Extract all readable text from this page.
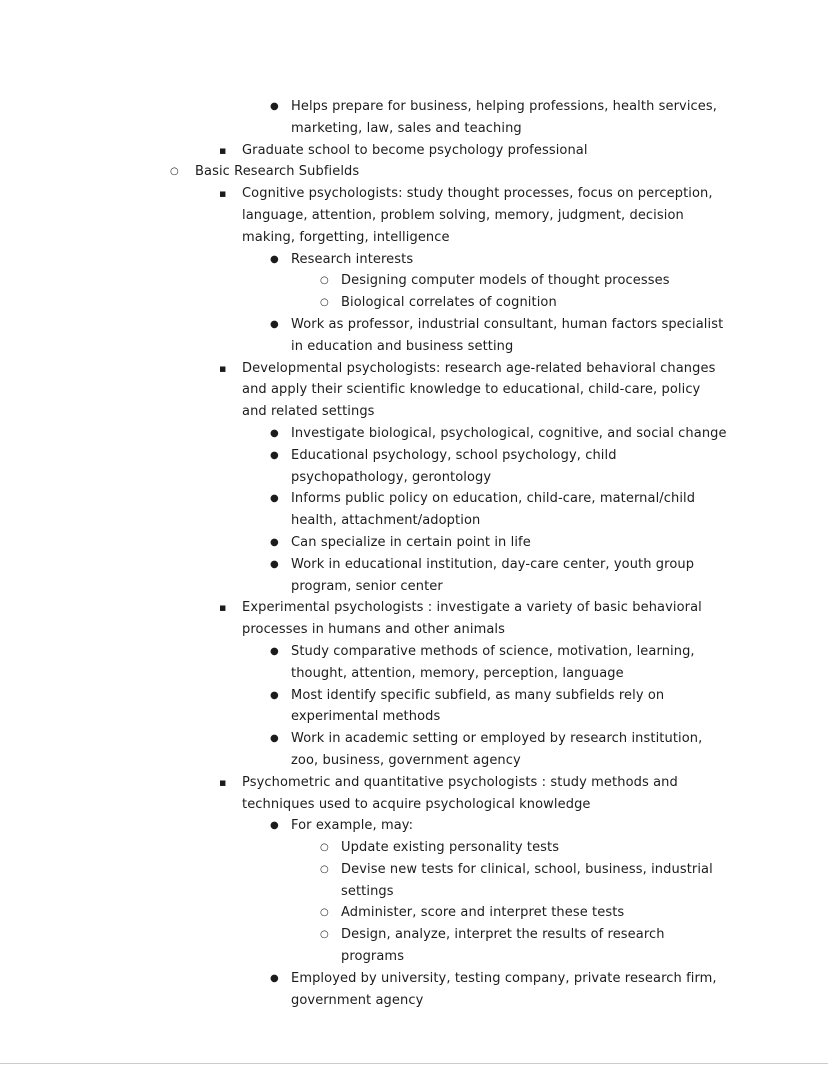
● Helps prepare for business, helping professions, health services, marketing, law, sales and teaching
▪	Graduate school to become psychology professional
○	Basic Research Subfields
▪	Cognitive psychologists: study thought processes, focus on perception, language, attention, problem solving, memory, judgment, decision making, forgetting, intelligence
● Research interests
○ Designing computer models of thought processes
○ Biological correlates of cognition
● Work as professor, industrial consultant, human factors specialist in education and business setting
▪	Developmental psychologists: research age-related behavioral changes and apply their scientific knowledge to educational, child-care, policy and related settings
● Investigate biological, psychological, cognitive, and social change
● Educational psychology, school psychology, child psychopathology, gerontology
● Informs public policy on education, child-care, maternal/child health, attachment/adoption
● Can specialize in certain point in life
● Work in educational institution, day-care center, youth group program, senior center
▪	Experimental psychologists : investigate a variety of basic behavioral processes in humans and other animals
● Study comparative methods of science, motivation, learning, thought, attention, memory, perception, language
● Most identify specific subfield, as many subfields rely on experimental methods
● Work in academic setting or employed by research institution, zoo, business, government agency
▪	Psychometric and quantitative psychologists : study methods and techniques used to acquire psychological knowledge
● For example, may:
○ Update existing personality tests
○ Devise new tests for clinical, school, business, industrial settings
○ Administer, score and interpret these tests
○ Design, analyze, interpret the results of research programs
● Employed by university, testing company, private research firm, government agency
